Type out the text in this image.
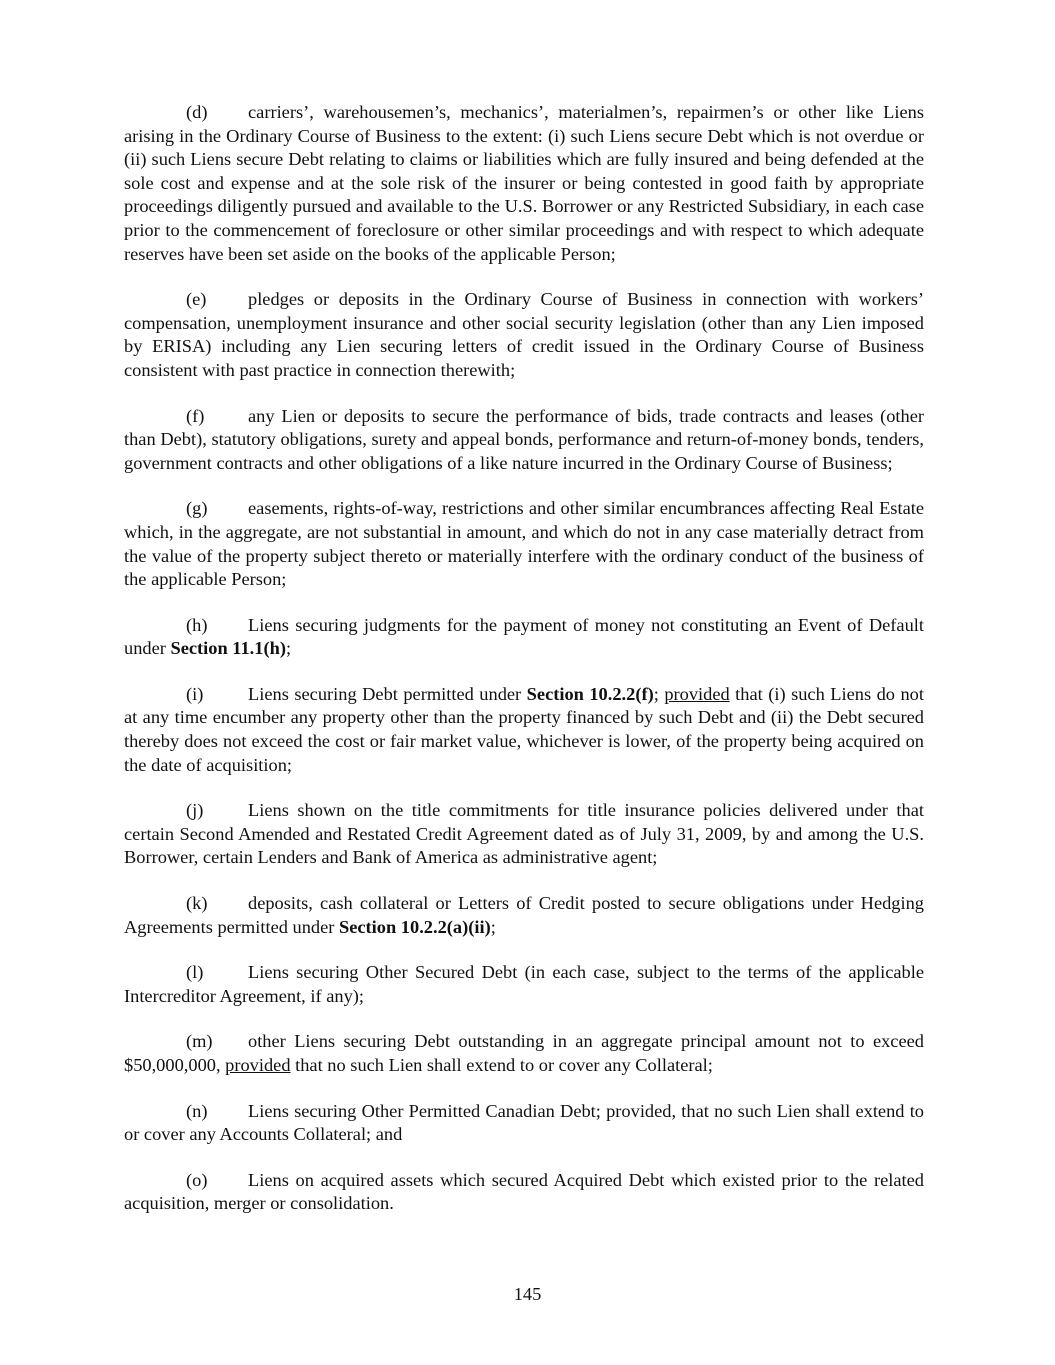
(d) carriers’, warehousemen’s, mechanics’, materialmen’s, repairmen’s or other like Liens arising in the Ordinary Course of Business to the extent: (i) such Liens secure Debt which is not overdue or (ii) such Liens secure Debt relating to claims or liabilities which are fully insured and being defended at the sole cost and expense and at the sole risk of the insurer or being contested in good faith by appropriate proceedings diligently pursued and available to the U.S. Borrower or any Restricted Subsidiary, in each case prior to the commencement of foreclosure or other similar proceedings and with respect to which adequate reserves have been set aside on the books of the applicable Person;

(e) pledges or deposits in the Ordinary Course of Business in connection with workers’ compensation, unemployment insurance and other social security legislation (other than any Lien imposed by ERISA) including any Lien securing letters of credit issued in the Ordinary Course of Business consistent with past practice in connection therewith;

(f) any Lien or deposits to secure the performance of bids, trade contracts and leases (other than Debt), statutory obligations, surety and appeal bonds, performance and return-of-money bonds, tenders, government contracts and other obligations of a like nature incurred in the Ordinary Course of Business;

(g) easements, rights-of-way, restrictions and other similar encumbrances affecting Real Estate which, in the aggregate, are not substantial in amount, and which do not in any case materially detract from the value of the property subject thereto or materially interfere with the ordinary conduct of the business of the applicable Person;

(h) Liens securing judgments for the payment of money not constituting an Event of Default under Section 11.1(h);

(i) Liens securing Debt permitted under Section 10.2.2(f); provided that (i) such Liens do not at any time encumber any property other than the property financed by such Debt and (ii) the Debt secured thereby does not exceed the cost or fair market value, whichever is lower, of the property being acquired on the date of acquisition;

(j) Liens shown on the title commitments for title insurance policies delivered under that certain Second Amended and Restated Credit Agreement dated as of July 31, 2009, by and among the U.S. Borrower, certain Lenders and Bank of America as administrative agent;

(k) deposits, cash collateral or Letters of Credit posted to secure obligations under Hedging Agreements permitted under Section 10.2.2(a)(ii);

(l) Liens securing Other Secured Debt (in each case, subject to the terms of the applicable Intercreditor Agreement, if any);

(m) other Liens securing Debt outstanding in an aggregate principal amount not to exceed $50,000,000, provided that no such Lien shall extend to or cover any Collateral;

(n) Liens securing Other Permitted Canadian Debt; provided, that no such Lien shall extend to or cover any Accounts Collateral; and

(o) Liens on acquired assets which secured Acquired Debt which existed prior to the related acquisition, merger or consolidation.

145
